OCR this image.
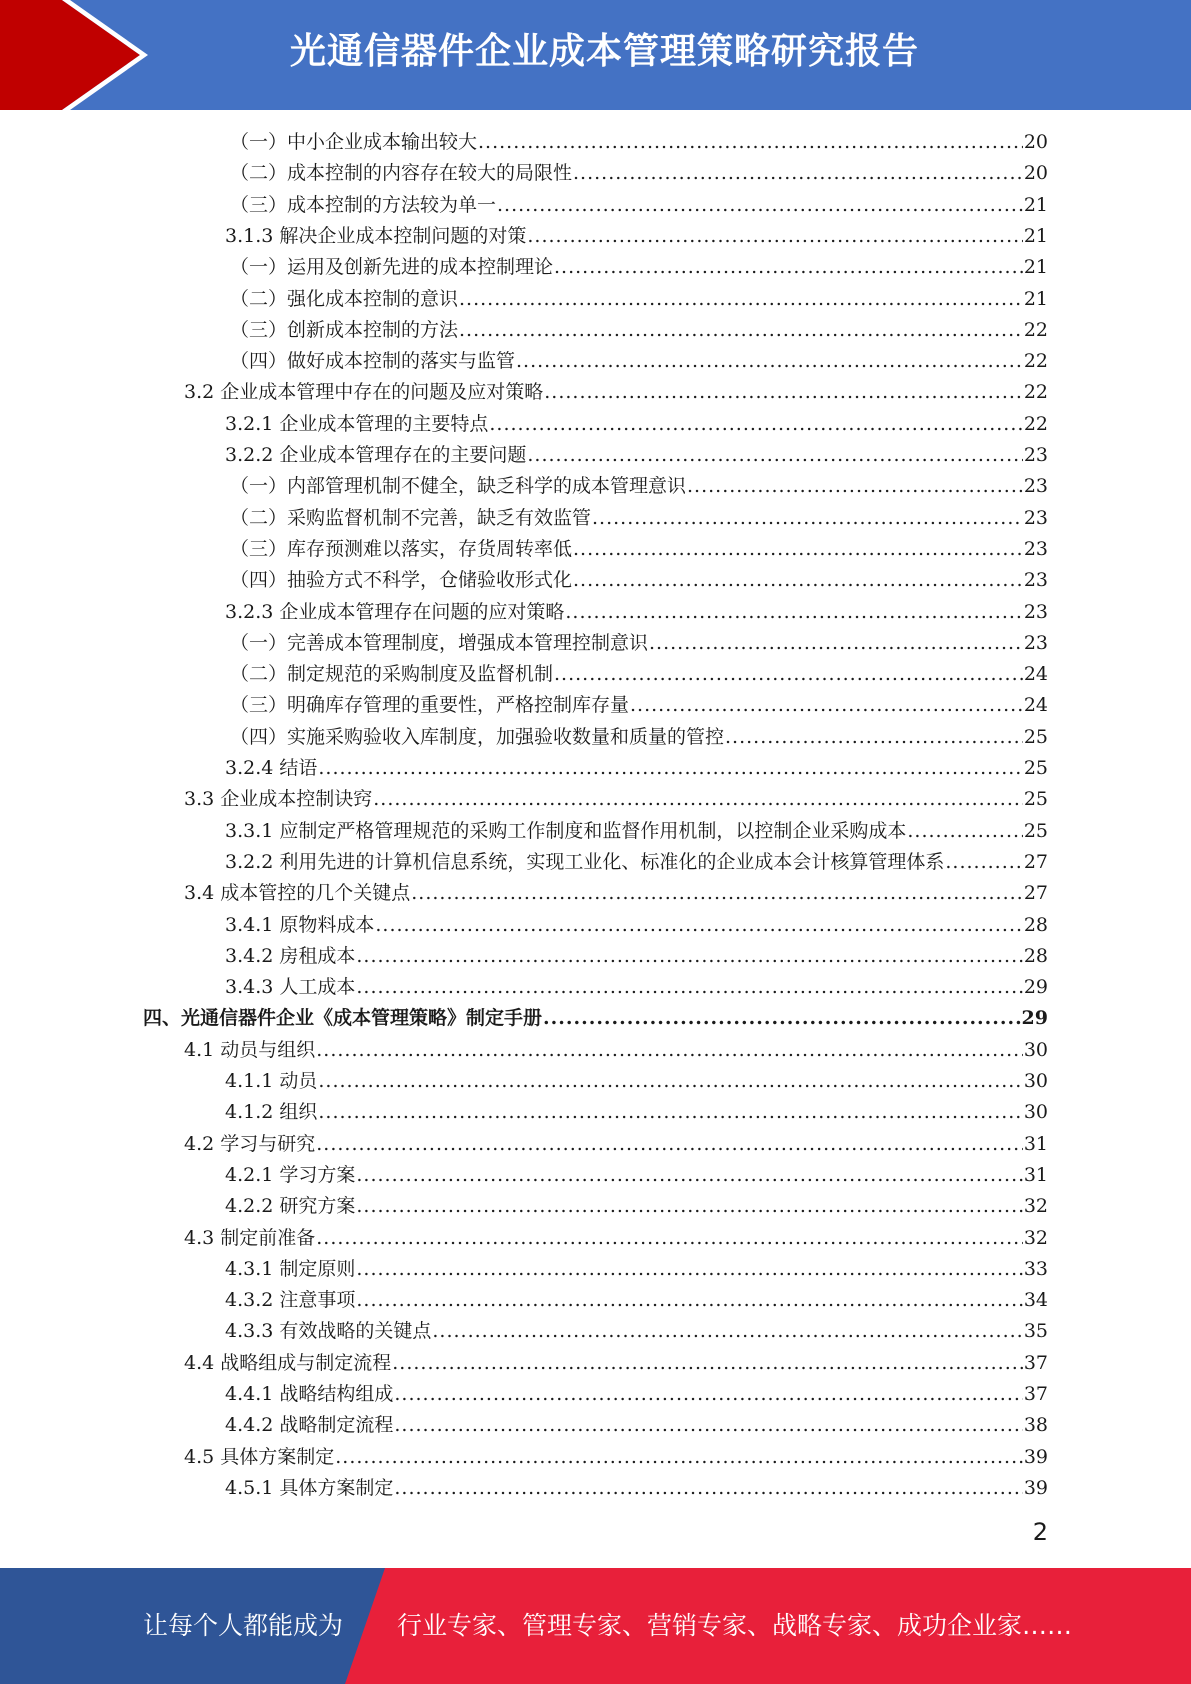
光通信器件企业成本管理策略研究报告
（一）中小企业成本输出较大 .....	20
（二）成本控制的内容存在较大的局限性 .....	20
（三）成本控制的方法较为单一 .....	21
3.1.3 解决企业成本控制问题的对策 .....	21
（一）运用及创新先进的成本控制理论 .....	21
（二）强化成本控制的意识 .....	21
（三）创新成本控制的方法 .....	22
（四）做好成本控制的落实与监管 .....	22
3.2 企业成本管理中存在的问题及应对策略 .....	22
3.2.1 企业成本管理的主要特点 .....	22
3.2.2 企业成本管理存在的主要问题 .....	23
（一）内部管理机制不健全，缺乏科学的成本管理意识 .....	23
（二）采购监督机制不完善，缺乏有效监管 .....	23
（三）库存预测难以落实，存货周转率低 .....	23
（四）抽验方式不科学，仓储验收形式化 .....	23
3.2.3 企业成本管理存在问题的应对策略 .....	23
（一）完善成本管理制度，增强成本管理控制意识 .....	23
（二）制定规范的采购制度及监督机制 .....	24
（三）明确库存管理的重要性，严格控制库存量 .....	24
（四）实施采购验收入库制度，加强验收数量和质量的管控 .....	25
3.2.4 结语 .....	25
3.3 企业成本控制诀窍 .....	25
3.3.1 应制定严格管理规范的采购工作制度和监督作用机制，以控制企业采购成本 .....	25
3.2.2 利用先进的计算机信息系统，实现工业化、标准化的企业成本会计核算管理体系 .....	27
3.4 成本管控的几个关键点 .....	27
3.4.1 原物料成本 .....	28
3.4.2 房租成本 .....	28
3.4.3 人工成本 .....	29
四、光通信器件企业《成本管理策略》制定手册 .....	29
4.1 动员与组织 .....	30
4.1.1 动员 .....	30
4.1.2 组织 .....	30
4.2 学习与研究 .....	31
4.2.1 学习方案 .....	31
4.2.2 研究方案 .....	32
4.3 制定前准备 .....	32
4.3.1 制定原则 .....	33
4.3.2 注意事项 .....	34
4.3.3 有效战略的关键点 .....	35
4.4 战略组成与制定流程 .....	37
4.4.1 战略结构组成 .....	37
4.4.2 战略制定流程 .....	38
4.5 具体方案制定 .....	39
4.5.1 具体方案制定 .....	39
2
让每个人都能成为 行业专家、管理专家、营销专家、战略专家、成功企业家……
